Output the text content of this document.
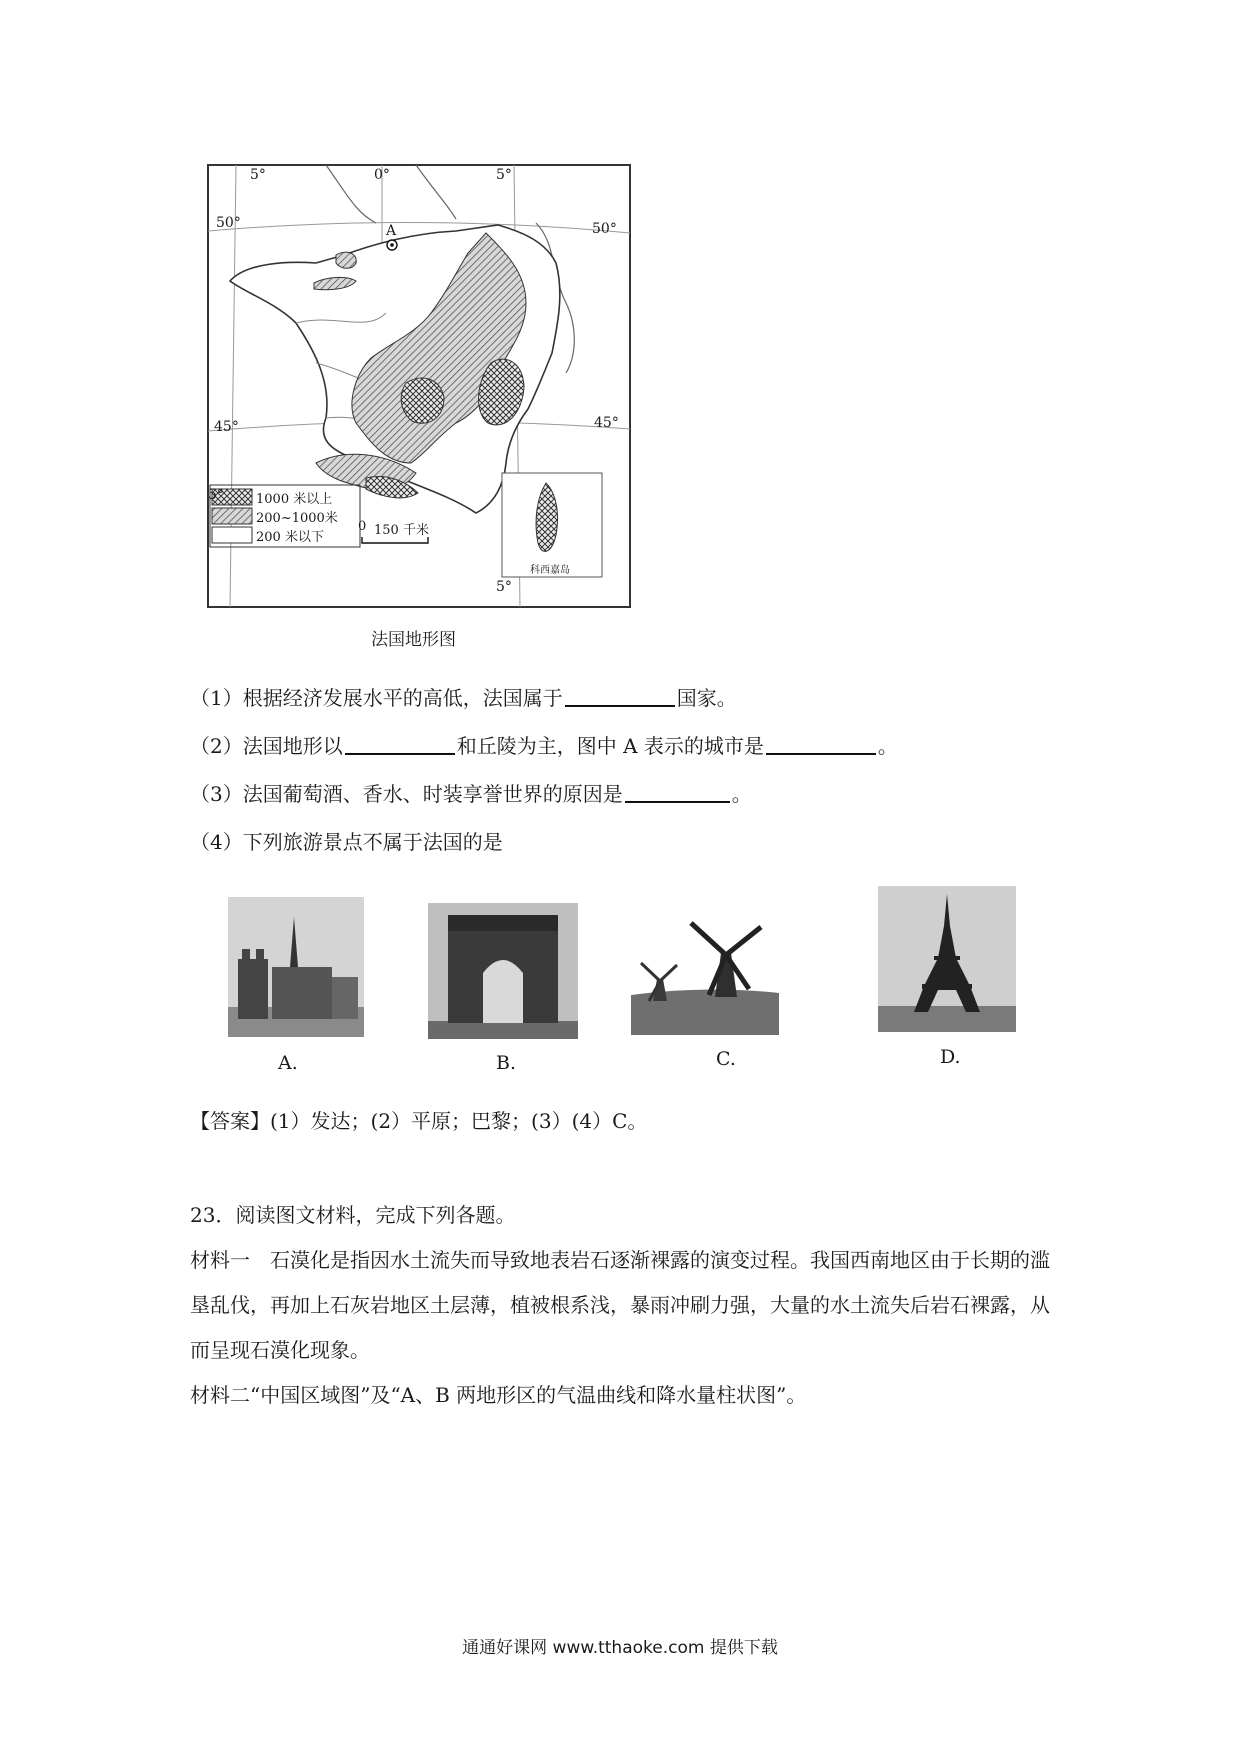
5°	0°	5°
5°
5°
50°	50°
45°	45°
A
1000 米以上
200~1000米
200 米以下
0 150 千米
科西嘉岛
法国地形图
（1）根据经济发展水平的高低，法国属于	国家。
（2）法国地形以	和丘陵为主，图中 A 表示的城市是	。
（3）法国葡萄酒、香水、时装享誉世界的原因是	。
（4）下列旅游景点不属于法国的是
A.	B.	C.	D.
【答案】(1）发达；(2）平原；巴黎；(3）(4）C。
23．阅读图文材料，完成下列各题。
材料一　石漠化是指因水土流失而导致地表岩石逐渐裸露的演变过程。我国西南地区由于长期的滥垦乱伐，再加上石灰岩地区土层薄，植被根系浅，暴雨冲刷力强，大量的水土流失后岩石裸露，从而呈现石漠化现象。
材料二“中国区域图”及“A、B 两地形区的气温曲线和降水量柱状图”。
通通好课网 www.tthaoke.com 提供下载
